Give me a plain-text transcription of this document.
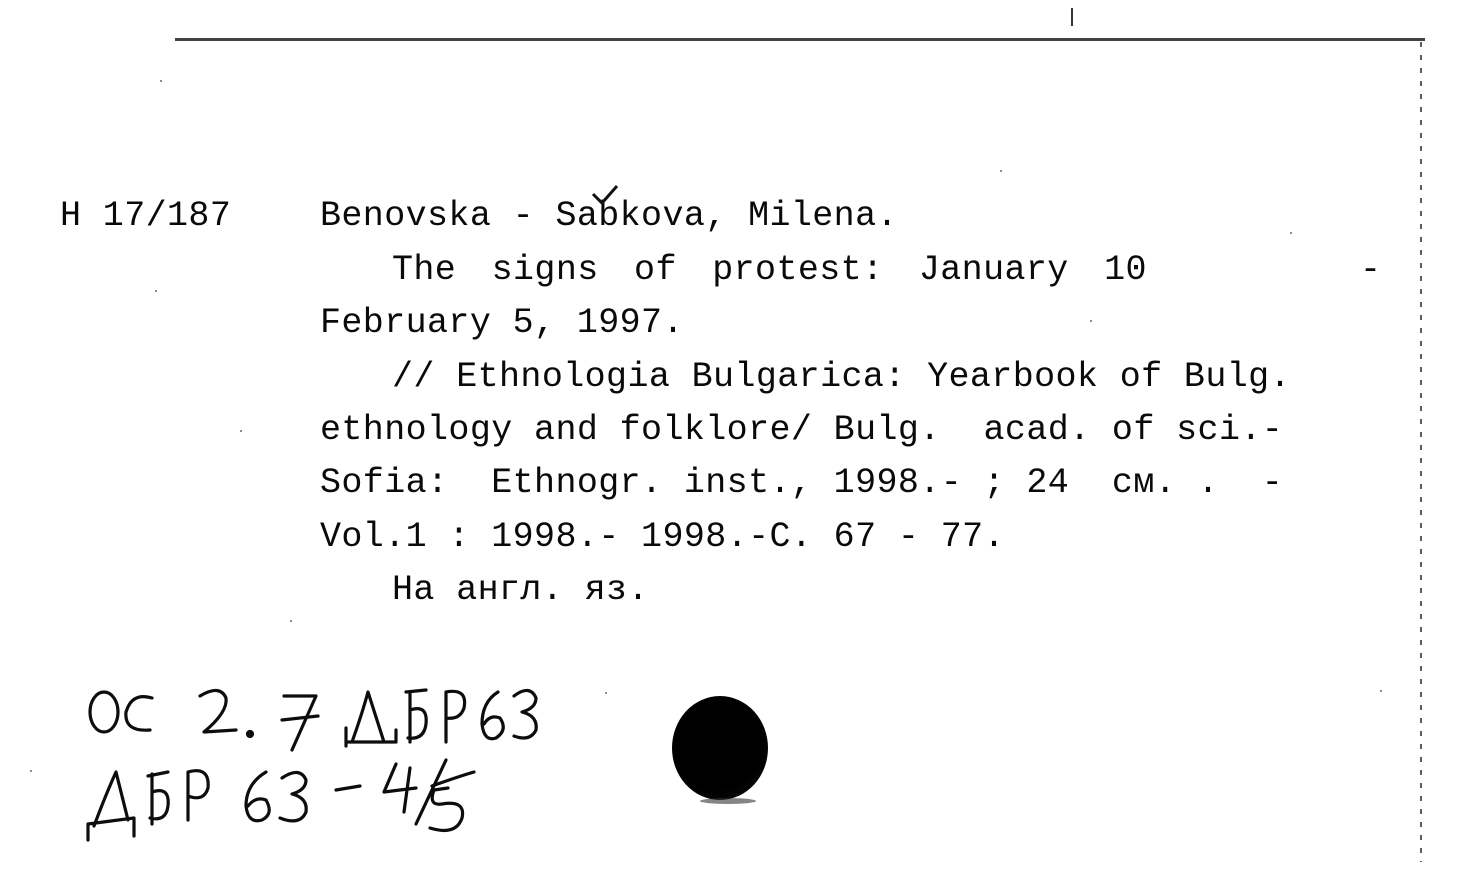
H 17/187	Benovska - Sabkova, Milena.
The signs of protest: January 10	-
February 5, 1997.
// Ethnologia Bulgarica: Yearbook of Bulg.
ethnology and folklore/ Bulg.  acad. of sci.-
Sofia:  Ethnogr. inst., 1998.- ; 24  см. .  -
Vol.1 : 1998.- 1998.-C. 67 - 77.
На англ. яз.
